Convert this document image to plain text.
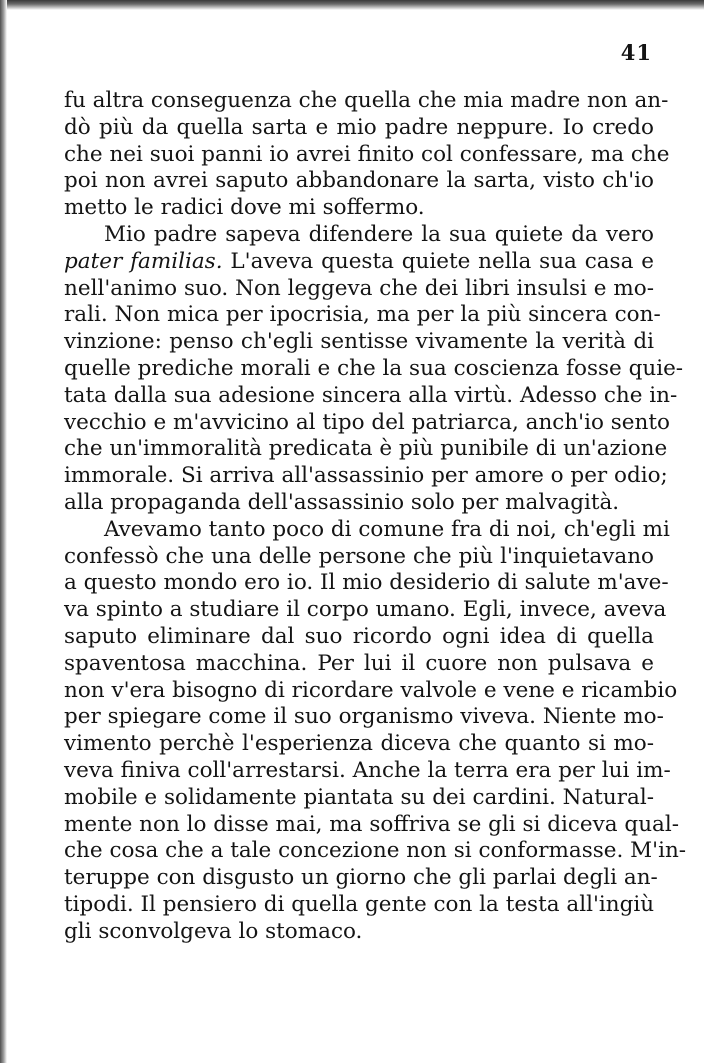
41
fu altra conseguenza che quella che mia madre non an-
dò più da quella sarta e mio padre neppure. Io credo
che nei suoi panni io avrei finito col confessare, ma che
poi non avrei saputo abbandonare la sarta, visto ch'io
metto le radici dove mi soffermo.
Mio padre sapeva difendere la sua quiete da vero
pater familias. L'aveva questa quiete nella sua casa e
nell'animo suo. Non leggeva che dei libri insulsi e mo-
rali. Non mica per ipocrisia, ma per la più sincera con-
vinzione: penso ch'egli sentisse vivamente la verità di
quelle prediche morali e che la sua coscienza fosse quie-
tata dalla sua adesione sincera alla virtù. Adesso che in-
vecchio e m'avvicino al tipo del patriarca, anch'io sento
che un'immoralità predicata è più punibile di un'azione
immorale. Si arriva all'assassinio per amore o per odio;
alla propaganda dell'assassinio solo per malvagità.
Avevamo tanto poco di comune fra di noi, ch'egli mi
confessò che una delle persone che più l'inquietavano
a questo mondo ero io. Il mio desiderio di salute m'ave-
va spinto a studiare il corpo umano. Egli, invece, aveva
saputo eliminare dal suo ricordo ogni idea di quella
spaventosa macchina. Per lui il cuore non pulsava e
non v'era bisogno di ricordare valvole e vene e ricambio
per spiegare come il suo organismo viveva. Niente mo-
vimento perchè l'esperienza diceva che quanto si mo-
veva finiva coll'arrestarsi. Anche la terra era per lui im-
mobile e solidamente piantata su dei cardini. Natural-
mente non lo disse mai, ma soffriva se gli si diceva qual-
che cosa che a tale concezione non si conformasse. M'in-
teruppe con disgusto un giorno che gli parlai degli an-
tipodi. Il pensiero di quella gente con la testa all'ingiù
gli sconvolgeva lo stomaco.
